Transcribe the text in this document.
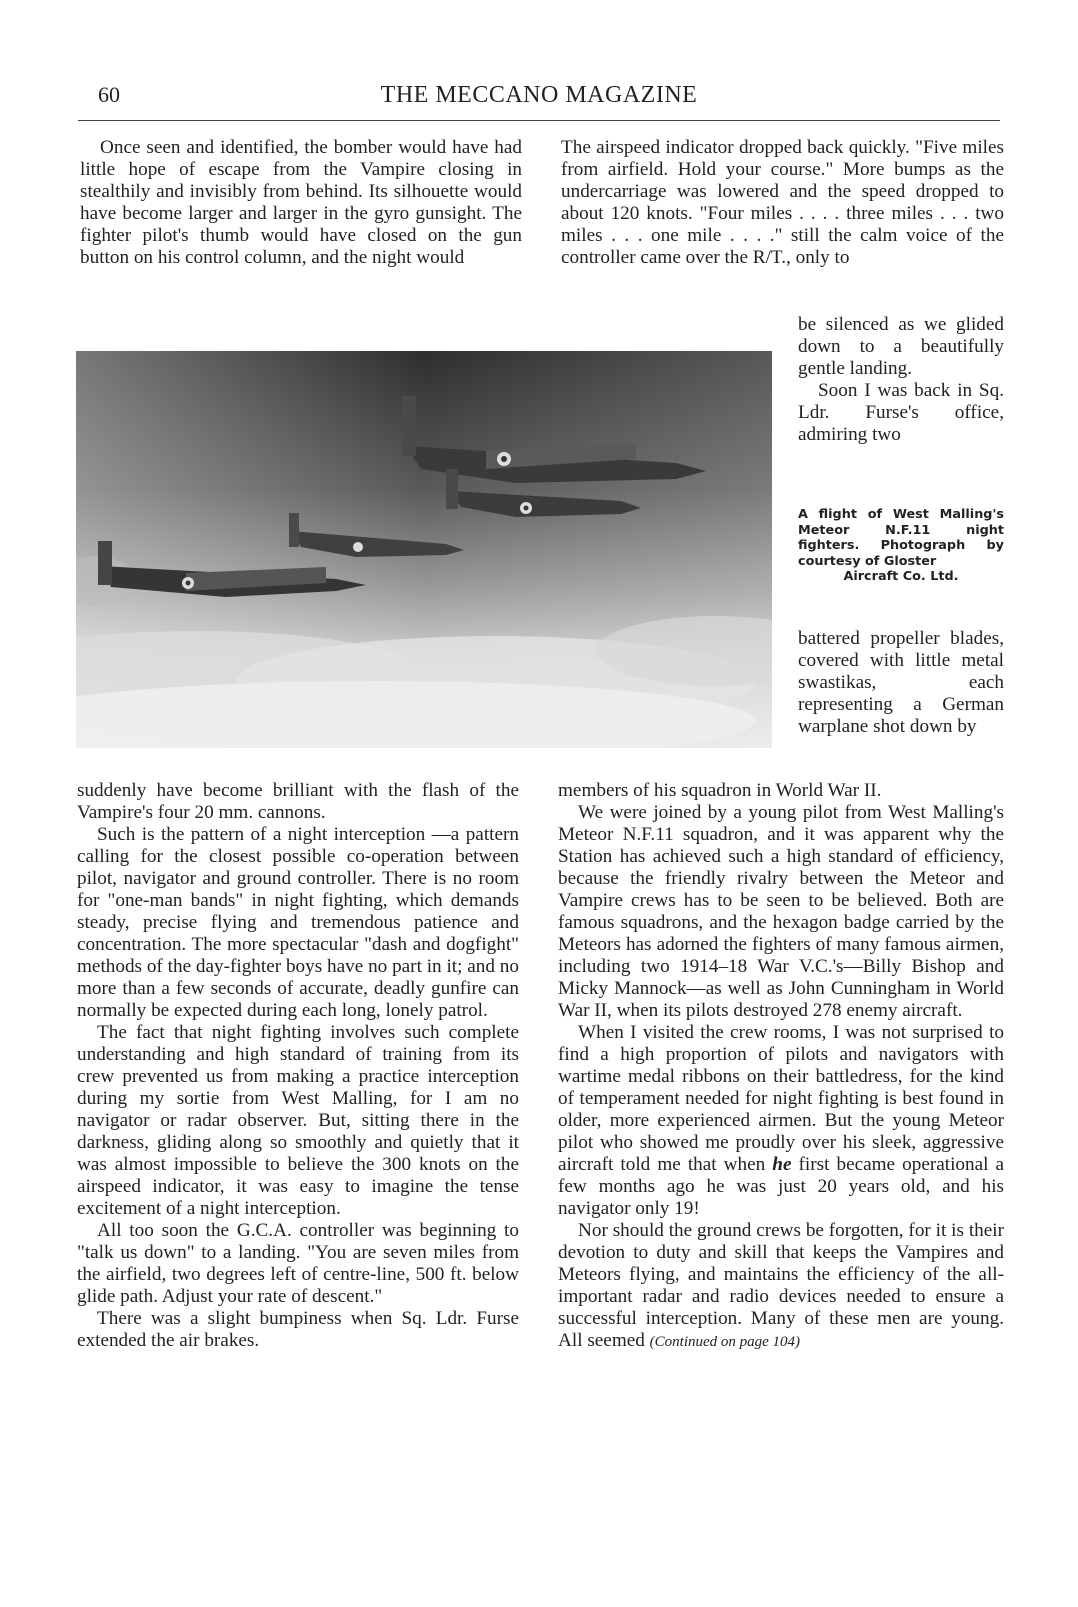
60	THE MECCANO MAGAZINE

Once seen and identified, the bomber would have had little hope of escape from the Vampire closing in stealthily and invisibly from behind. Its silhouette would have become larger and larger in the gyro gunsight. The fighter pilot's thumb would have closed on the gun button on his control column, and the night would

The airspeed indicator dropped back quickly. "Five miles from airfield. Hold your course." More bumps as the undercarriage was lowered and the speed dropped to about 120 knots. "Four miles . . . . three miles . . . two miles . . . one mile . . . ." still the calm voice of the controller came over the R/T., only to

be silenced as we glided down to a beautifully gentle landing.

Soon I was back in Sq. Ldr. Furse's office, admiring two

A flight of West Malling's Meteor N.F.11 night fighters. Photograph by courtesy of Gloster
Aircraft Co. Ltd.

battered propeller blades, covered with little metal swastikas, each representing a German warplane shot down by

suddenly have become brilliant with the flash of the Vampire's four 20 mm. cannons.

Such is the pattern of a night interception —a pattern calling for the closest possible co-operation between pilot, navigator and ground controller. There is no room for "one-man bands" in night fighting, which demands steady, precise flying and tremendous patience and concentration. The more spectacular "dash and dogfight" methods of the day-fighter boys have no part in it; and no more than a few seconds of accurate, deadly gunfire can normally be expected during each long, lonely patrol.

The fact that night fighting involves such complete understanding and high standard of training from its crew prevented us from making a practice interception during my sortie from West Malling, for I am no navigator or radar observer. But, sitting there in the darkness, gliding along so smoothly and quietly that it was almost impossible to believe the 300 knots on the airspeed indicator, it was easy to imagine the tense excitement of a night interception.

All too soon the G.C.A. controller was beginning to "talk us down" to a landing. "You are seven miles from the airfield, two degrees left of centre-line, 500 ft. below glide path. Adjust your rate of descent."

There was a slight bumpiness when Sq. Ldr. Furse extended the air brakes.

members of his squadron in World War II.

We were joined by a young pilot from West Malling's Meteor N.F.11 squadron, and it was apparent why the Station has achieved such a high standard of efficiency, because the friendly rivalry between the Meteor and Vampire crews has to be seen to be believed. Both are famous squadrons, and the hexagon badge carried by the Meteors has adorned the fighters of many famous airmen, including two 1914–18 War V.C.'s—Billy Bishop and Micky Mannock—as well as John Cunningham in World War II, when its pilots destroyed 278 enemy aircraft.

When I visited the crew rooms, I was not surprised to find a high proportion of pilots and navigators with wartime medal ribbons on their battledress, for the kind of temperament needed for night fighting is best found in older, more experienced airmen. But the young Meteor pilot who showed me proudly over his sleek, aggressive aircraft told me that when he first became operational a few months ago he was just 20 years old, and his navigator only 19!

Nor should the ground crews be forgotten, for it is their devotion to duty and skill that keeps the Vampires and Meteors flying, and maintains the efficiency of the all-important radar and radio devices needed to ensure a successful interception. Many of these men are young. All seemed (Continued on page 104)
